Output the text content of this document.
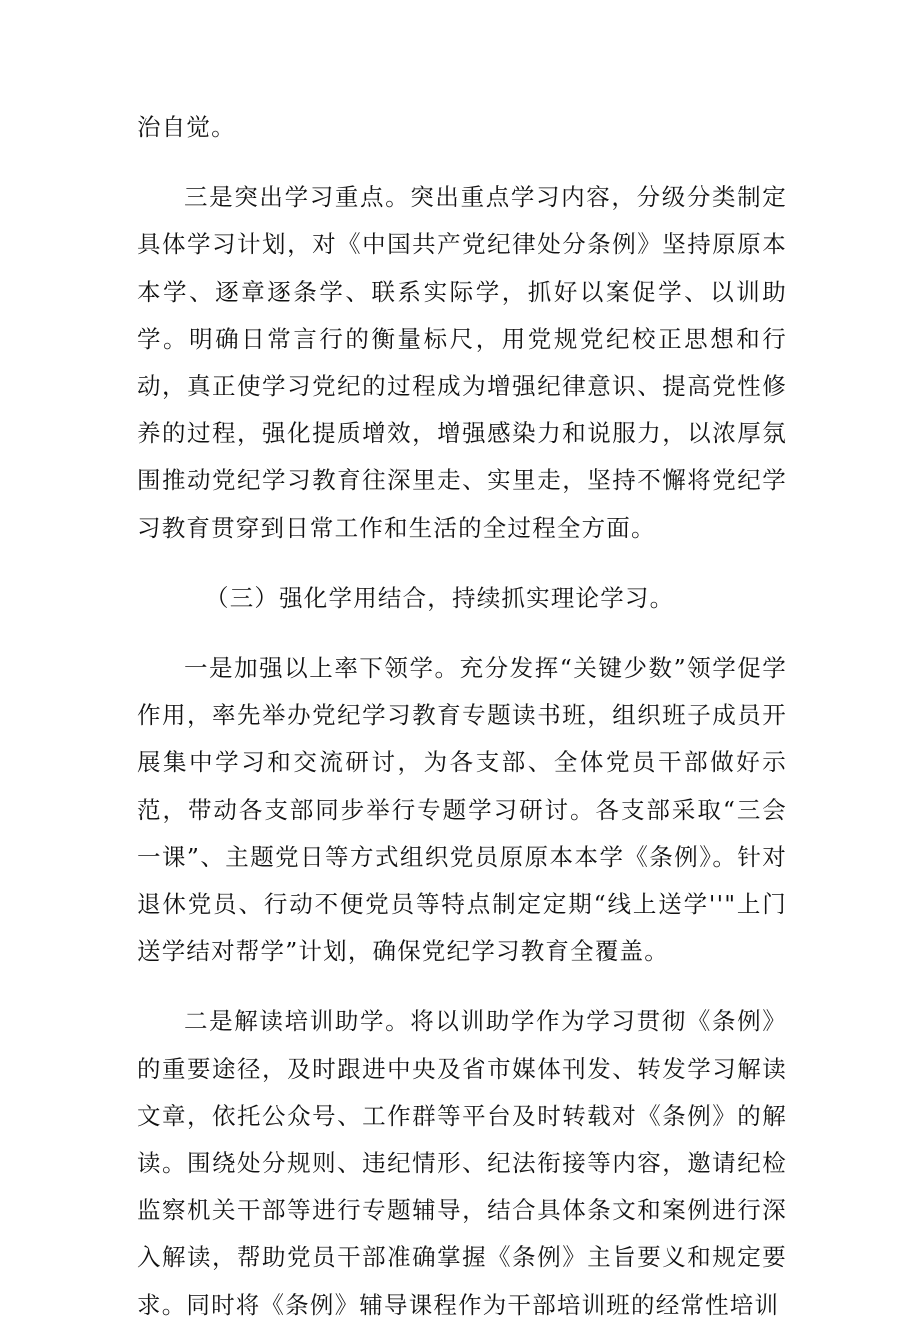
治自觉。

三是突出学习重点。突出重点学习内容，分级分类制定具体学习计划，对《中国共产党纪律处分条例》坚持原原本本学、逐章逐条学、联系实际学，抓好以案促学、以训助学。明确日常言行的衡量标尺，用党规党纪校正思想和行动，真正使学习党纪的过程成为增强纪律意识、提高党性修养的过程，强化提质增效，增强感染力和说服力，以浓厚氛围推动党纪学习教育往深里走、实里走，坚持不懈将党纪学习教育贯穿到日常工作和生活的全过程全方面。

（三）强化学用结合，持续抓实理论学习。

一是加强以上率下领学。充分发挥“关键少数”领学促学作用，率先举办党纪学习教育专题读书班，组织班子成员开展集中学习和交流研讨，为各支部、全体党员干部做好示范，带动各支部同步举行专题学习研讨。各支部采取“三会一课”、主题党日等方式组织党员原原本本学《条例》。针对退休党员、行动不便党员等特点制定定期“线上送学''"上门送学结对帮学”计划，确保党纪学习教育全覆盖。

二是解读培训助学。将以训助学作为学习贯彻《条例》的重要途径，及时跟进中央及省市媒体刊发、转发学习解读文章，依托公众号、工作群等平台及时转载对《条例》的解读。围绕处分规则、违纪情形、纪法衔接等内容，邀请纪检监察机关干部等进行专题辅导，结合具体条文和案例进行深入解读，帮助党员干部准确掌握《条例》主旨要义和规定要求。同时将《条例》辅导课程作为干部培训班的经常性培训
